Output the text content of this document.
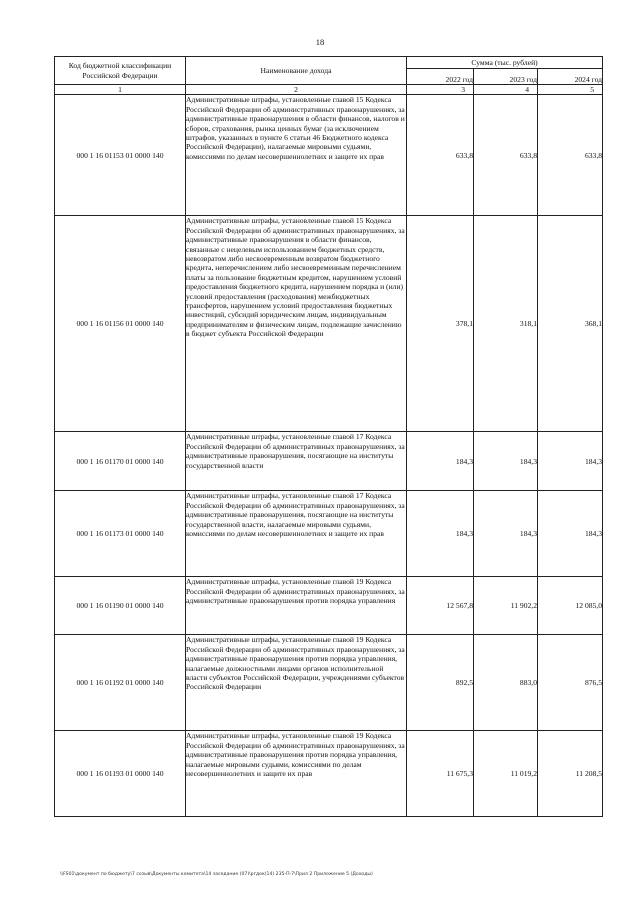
18
Код бюджетной классификации Российской Федерации	Наименование дохода	Сумма (тыс. рублей)		
		2022 год	2023 год	2024 год
1	2	3	4	5
000 1 16 01153 01 0000 140	Административные штрафы, установленные главой 15 Кодекса Российской Федерации об административных правонарушениях, за административные правонарушения в области финансов, налогов и сборов, страхования, рынка ценных бумаг (за исключением штрафов, указанных в пункте 6 статьи 46 Бюджетного кодекса Российской Федерации), налагаемые мировыми судьями, комиссиями по делам несовершеннолетних и защите их прав	633,8	633,8	633,8
000 1 16 01156 01 0000 140	Административные штрафы, установленные главой 15 Кодекса Российской Федерации об административных правонарушениях, за административные правонарушения в области финансов, связанные с нецелевым использованием бюджетных средств, невозвратом либо несвоевременным возвратом бюджетного кредита, неперечислением либо несвоевременным перечислением платы за пользование бюджетным кредитом, нарушением условий предоставления бюджетного кредита, нарушением порядка и (или) условий предоставления (расходования) межбюджетных трансфертов, нарушением условий предоставления бюджетных инвестиций, субсидий юридическим лицам, индивидуальным предпринимателям и физическим лицам, подлежащие зачислению в бюджет субъекта Российской Федерации	378,1	318,1	368,1
000 1 16 01170 01 0000 140	Административные штрафы, установленные главой 17 Кодекса Российской Федерации об административных правонарушениях, за административные правонарушения, посягающие на институты государственной власти	184,3	184,3	184,3
000 1 16 01173 01 0000 140	Административные штрафы, установленные главой 17 Кодекса Российской Федерации об административных правонарушениях, за административные правонарушения, посягающие на институты государственной власти, налагаемые мировыми судьями, комиссиями по делам несовершеннолетних и защите их прав	184,3	184,3	184,3
000 1 16 01190 01 0000 140	Административные штрафы, установленные главой 19 Кодекса Российской Федерации об административных правонарушениях, за административные правонарушения против порядка управления	12 567,8	11 902,2	12 085,0
000 1 16 01192 01 0000 140	Административные штрафы, установленные главой 19 Кодекса Российской Федерации об административных правонарушениях, за административные правонарушения против порядка управления, налагаемые должностными лицами органов исполнительной власти субъектов Российской Федерации, учреждениями субъектов Российской Федерации	892,5	883,0	876,5
000 1 16 01193 01 0000 140	Административные штрафы, установленные главой 19 Кодекса Российской Федерации об административных правонарушениях, за административные правонарушения против порядка управления, налагаемые мировыми судьями, комиссиями по делам несовершеннолетних и защите их прав	11 675,3	11 019,2	11 208,5
\\FS01\документ по бюджету\7 созыв\Документы комитета\14 заседание (07)\ргдок(14) 235-П-7\Прил 2 Приложение 5 (Доходы)
